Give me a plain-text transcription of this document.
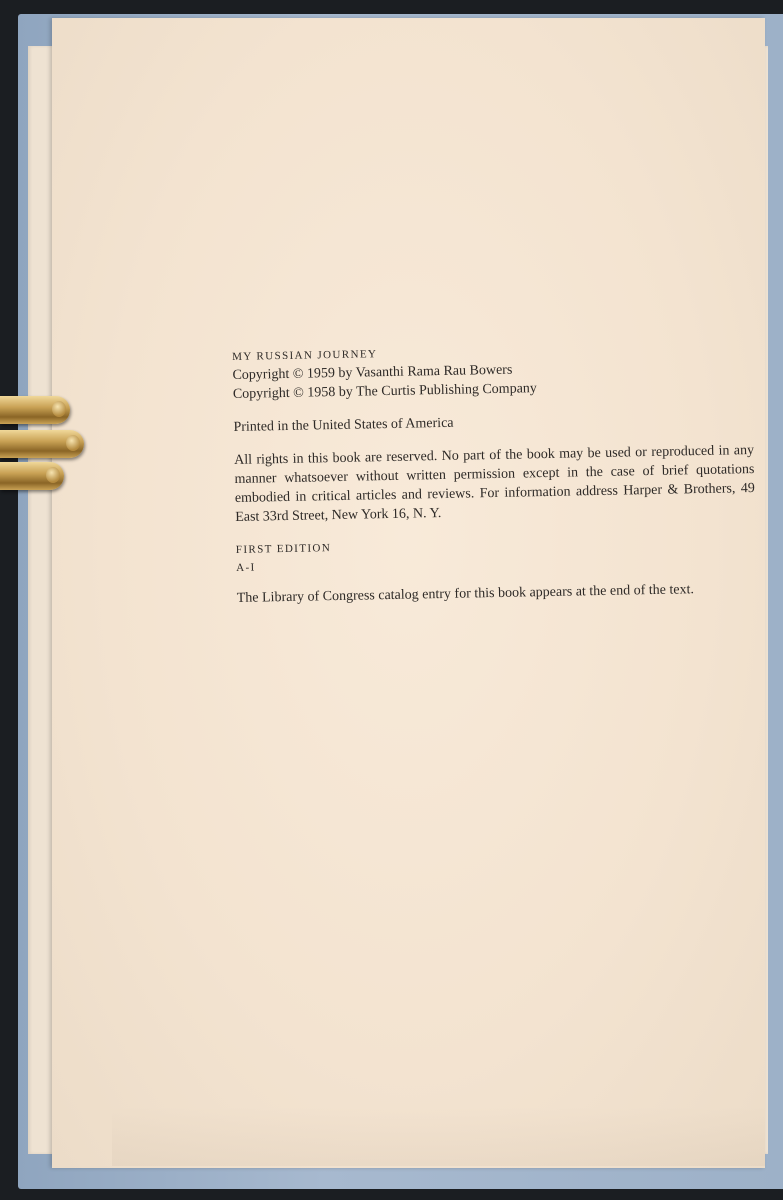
MY RUSSIAN JOURNEY

Copyright © 1959 by Vasanthi Rama Rau Bowers

Copyright © 1958 by The Curtis Publishing Company

Printed in the United States of America

All rights in this book are reserved. No part of the book may be used or reproduced in any manner whatsoever without written permission except in the case of brief quotations embodied in critical articles and reviews. For information address Harper & Brothers, 49 East 33rd Street, New York 16, N. Y.

FIRST EDITION

A-I

The Library of Congress catalog entry for this book appears at the end of the text.
